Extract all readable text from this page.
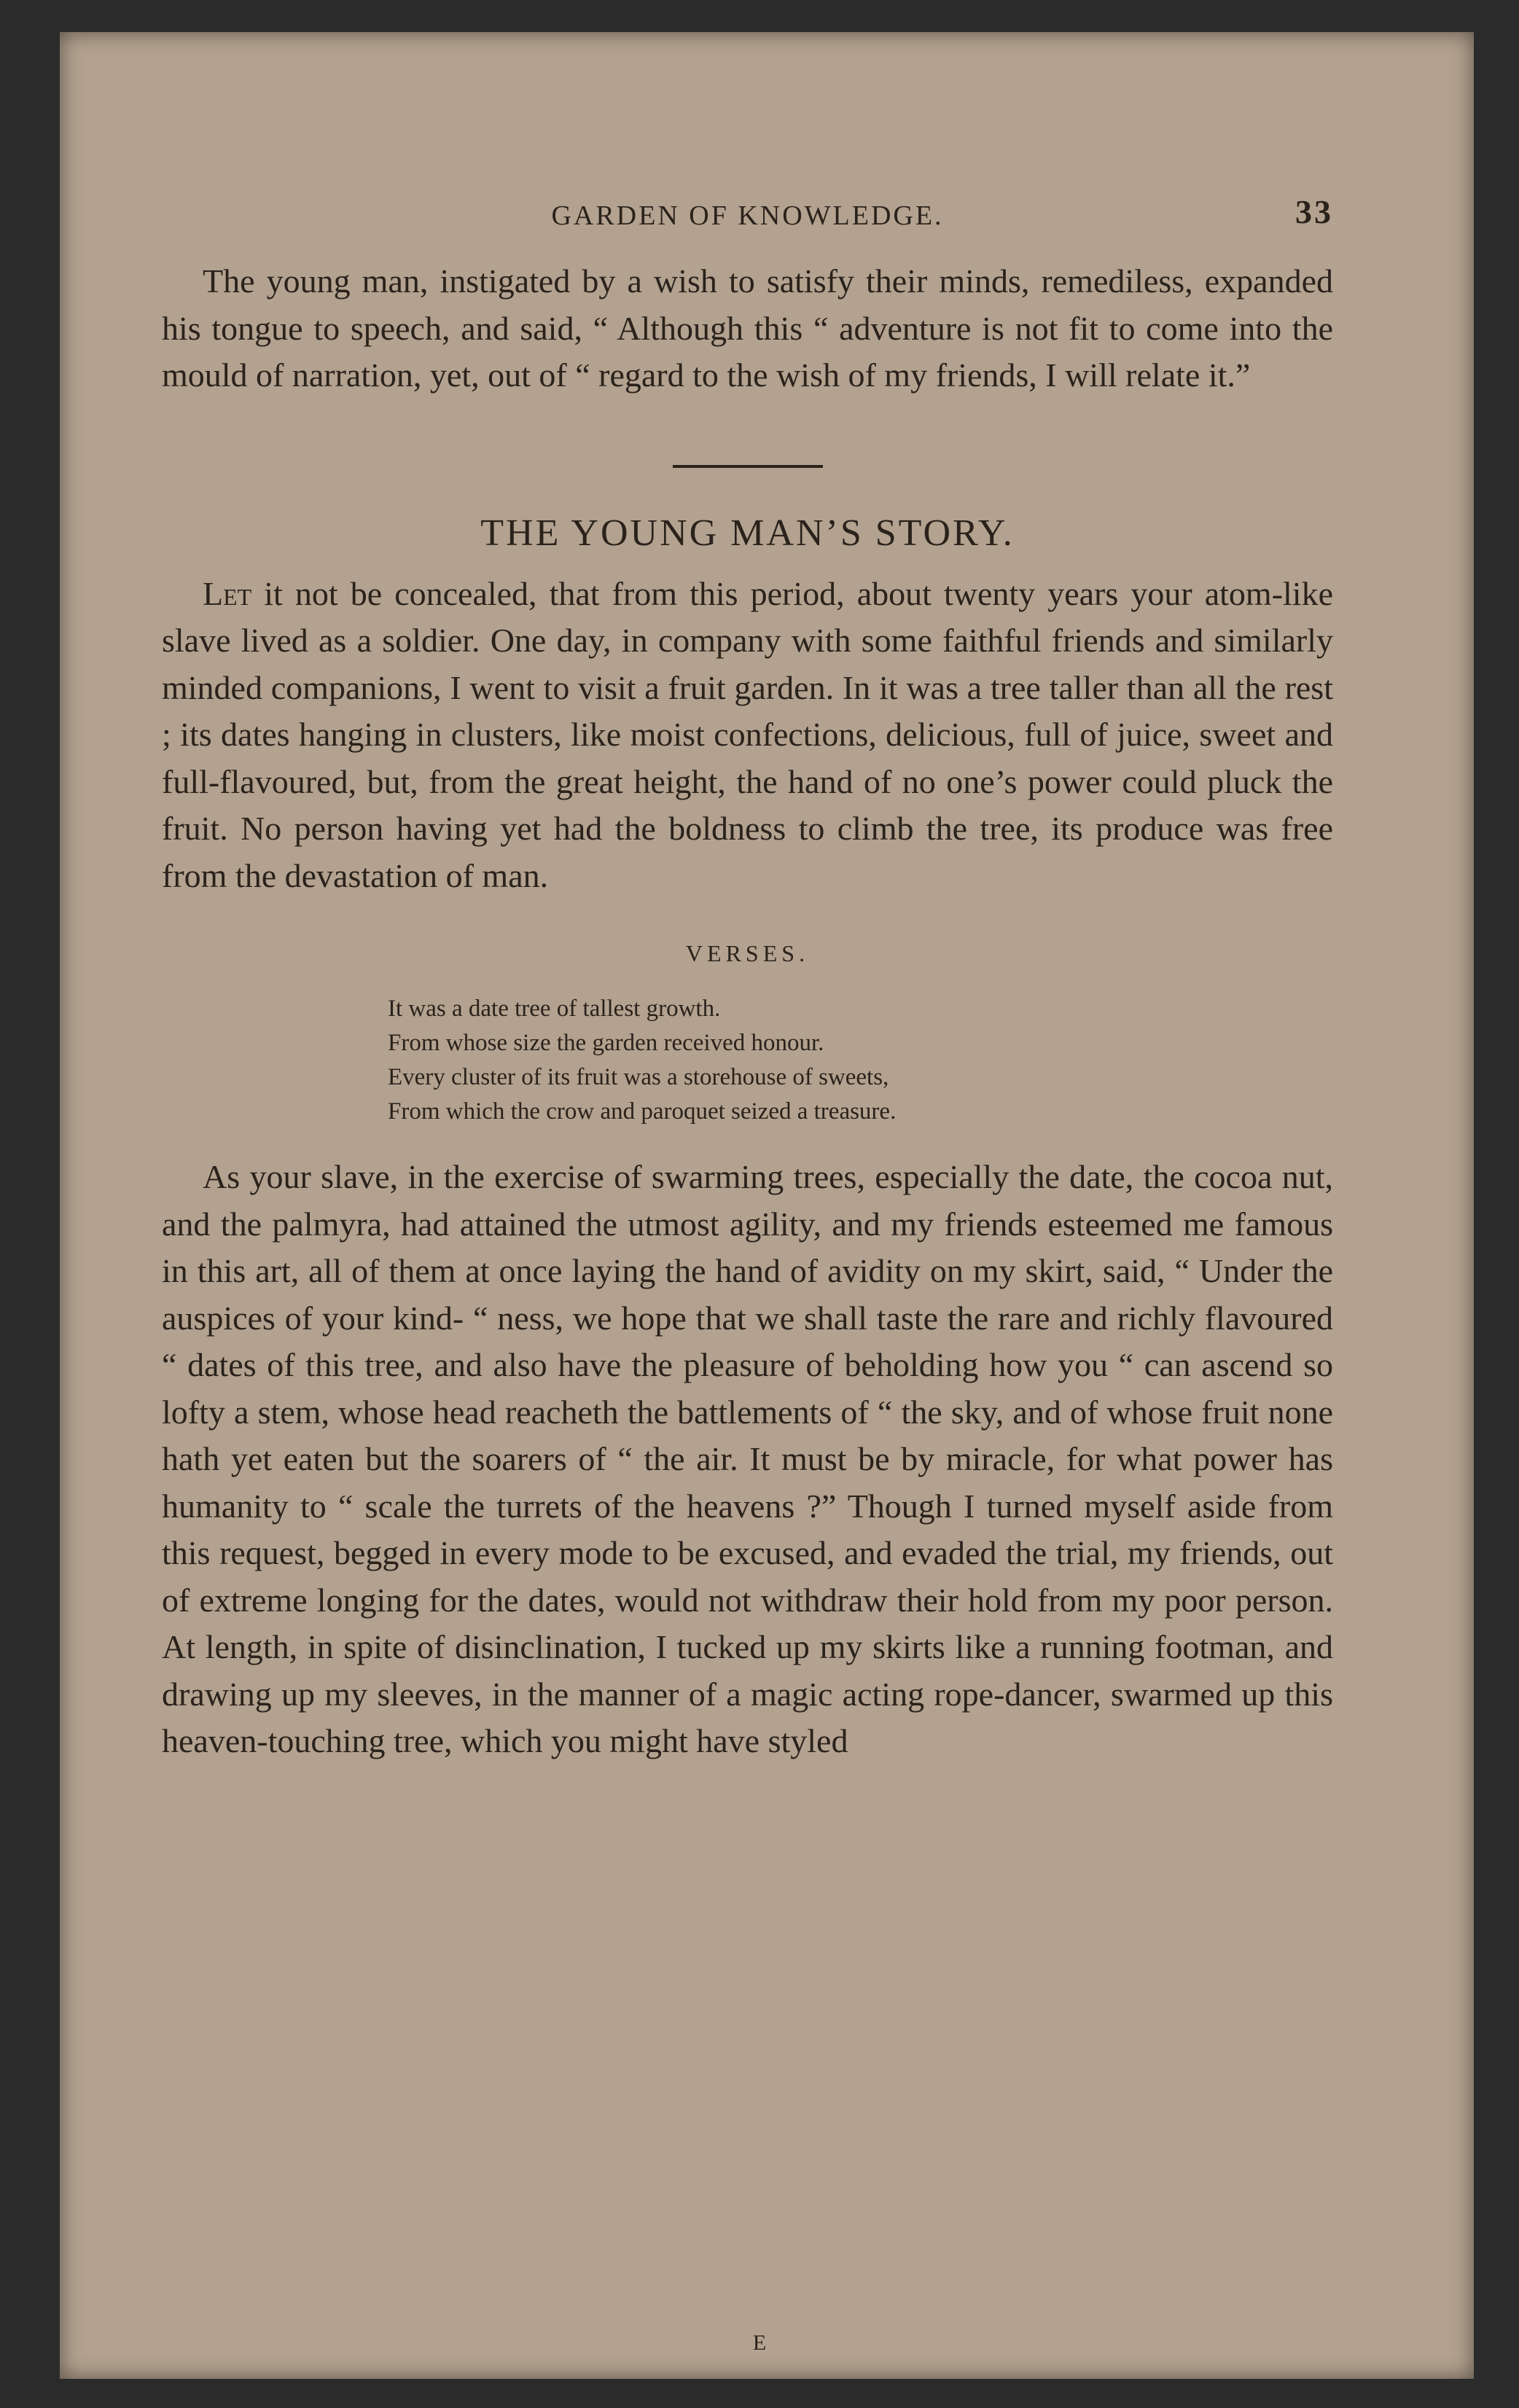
GARDEN OF KNOWLEDGE.	33

The young man, instigated by a wish to satisfy their minds, remediless, expanded his tongue to speech, and said, “ Although this “ adventure is not fit to come into the mould of narration, yet, out of “ regard to the wish of my friends, I will relate it.”

THE YOUNG MAN’S STORY.

Let it not be concealed, that from this period, about twenty years your atom-like slave lived as a soldier. One day, in company with some faithful friends and similarly minded companions, I went to visit a fruit garden. In it was a tree taller than all the rest ; its dates hanging in clusters, like moist confections, delicious, full of juice, sweet and full-flavoured, but, from the great height, the hand of no one’s power could pluck the fruit. No person having yet had the boldness to climb the tree, its produce was free from the devastation of man.

VERSES.
It was a date tree of tallest growth.
From whose size the garden received honour.
Every cluster of its fruit was a storehouse of sweets,
From which the crow and paroquet seized a treasure.

As your slave, in the exercise of swarming trees, especially the date, the cocoa nut, and the palmyra, had attained the utmost agility, and my friends esteemed me famous in this art, all of them at once laying the hand of avidity on my skirt, said, “ Under the auspices of your kind- “ ness, we hope that we shall taste the rare and richly flavoured “ dates of this tree, and also have the pleasure of beholding how you “ can ascend so lofty a stem, whose head reacheth the battlements of “ the sky, and of whose fruit none hath yet eaten but the soarers of “ the air. It must be by miracle, for what power has humanity to “ scale the turrets of the heavens ?” Though I turned myself aside from this request, begged in every mode to be excused, and evaded the trial, my friends, out of extreme longing for the dates, would not withdraw their hold from my poor person. At length, in spite of disinclination, I tucked up my skirts like a running footman, and drawing up my sleeves, in the manner of a magic acting rope-dancer, swarmed up this heaven-touching tree, which you might have styled

E
